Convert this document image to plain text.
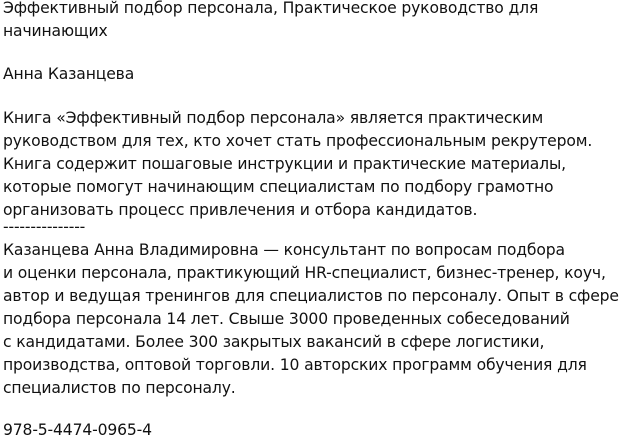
Эффективный подбор персонала, Практическое руководство для

начинающих

Анна Казанцева

Книга «Эффективный подбор персонала» является практическим

руководством для тех, кто хочет стать профессиональным рекрутером.

Книга содержит пошаговые инструкции и практические материалы,

которые помогут начинающим специалистам по подбору грамотно

организовать процесс привлечения и отбора кандидатов.

---------------

Казанцева Анна Владимировна — консультант по вопросам подбора

и оценки персонала, практикующий HR-специалист, бизнес-тренер, коуч,

автор и ведущая тренингов для специалистов по персоналу. Опыт в сфере

подбора персонала 14 лет. Свыше 3000 проведенных собеседований

с кандидатами. Более 300 закрытых вакансий в сфере логистики,

производства, оптовой торговли. 10 авторских программ обучения для

специалистов по персоналу.

978-5-4474-0965-4
